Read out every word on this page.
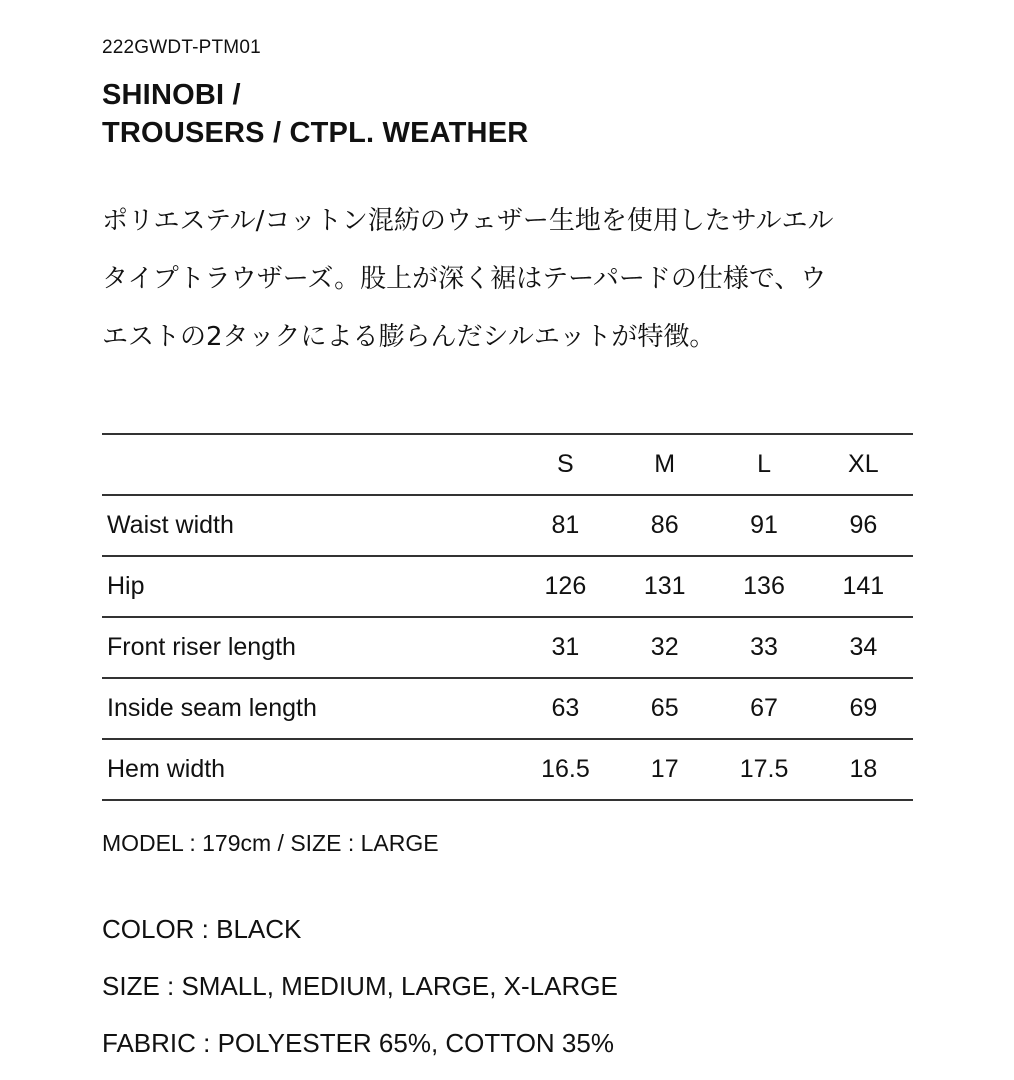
222GWDT-PTM01
SHINOBI /
TROUSERS / CTPL. WEATHER
ポリエステル/コットン混紡のウェザー生地を使用したサルエル
タイプトラウザーズ。股上が深く裾はテーパードの仕様で、ウ
エストの2タックによる膨らんだシルエットが特徴。
	S	M	L	XL
Waist width	81	86	91	96
Hip	126	131	136	141
Front riser length	31	32	33	34
Inside seam length	63	65	67	69
Hem width	16.5	17	17.5	18
MODEL : 179cm / SIZE : LARGE
COLOR : BLACK
SIZE : SMALL, MEDIUM, LARGE, X-LARGE
FABRIC : POLYESTER 65%, COTTON 35%
